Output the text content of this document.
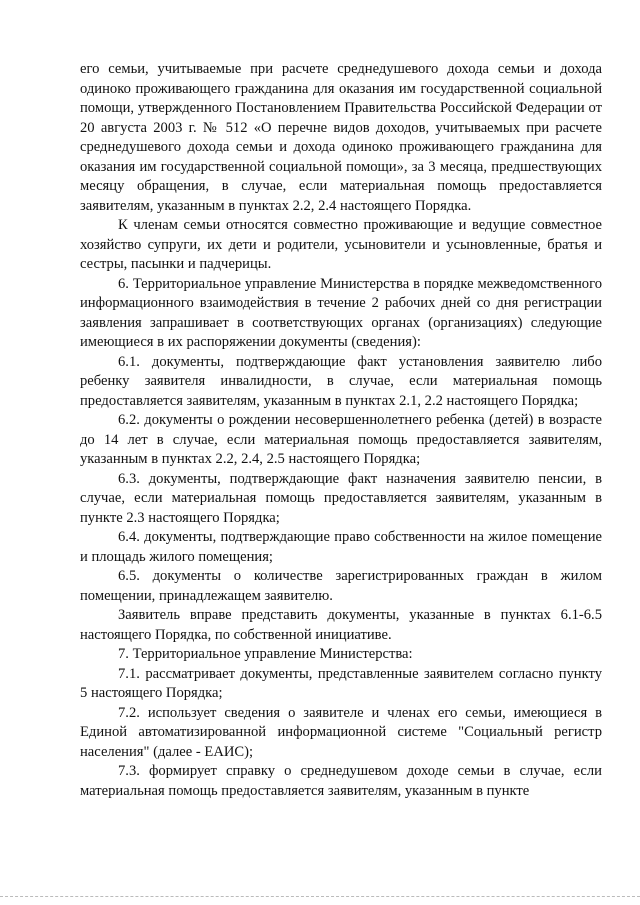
его семьи, учитываемые при расчете среднедушевого дохода семьи и дохода одиноко проживающего гражданина для оказания им государственной социальной помощи, утвержденного Постановлением Правительства Российской Федерации от 20 августа 2003 г. № 512 «О перечне видов доходов, учитываемых при расчете среднедушевого дохода семьи и дохода одиноко проживающего гражданина для оказания им государственной социальной помощи», за 3 месяца, предшествующих месяцу обращения, в случае, если материальная помощь предоставляется заявителям, указанным в пунктах 2.2, 2.4 настоящего Порядка.

К членам семьи относятся совместно проживающие и ведущие совместное хозяйство супруги, их дети и родители, усыновители и усыновленные, братья и сестры, пасынки и падчерицы.

6. Территориальное управление Министерства в порядке межведомственного информационного взаимодействия в течение 2 рабочих дней со дня регистрации заявления запрашивает в соответствующих органах (организациях) следующие имеющиеся в их распоряжении документы (сведения):

6.1. документы, подтверждающие факт установления заявителю либо ребенку заявителя инвалидности, в случае, если материальная помощь предоставляется заявителям, указанным в пунктах 2.1, 2.2 настоящего Порядка;

6.2. документы о рождении несовершеннолетнего ребенка (детей) в возрасте до 14 лет в случае, если материальная помощь предоставляется заявителям, указанным в пунктах 2.2, 2.4, 2.5 настоящего Порядка;

6.3. документы, подтверждающие факт назначения заявителю пенсии, в случае, если материальная помощь предоставляется заявителям, указанным в пункте 2.3 настоящего Порядка;

6.4. документы, подтверждающие право собственности на жилое помещение и площадь жилого помещения;

6.5. документы о количестве зарегистрированных граждан в жилом помещении, принадлежащем заявителю.

Заявитель вправе представить документы, указанные в пунктах 6.1-6.5 настоящего Порядка, по собственной инициативе.

7. Территориальное управление Министерства:

7.1. рассматривает документы, представленные заявителем согласно пункту 5 настоящего Порядка;

7.2. использует сведения о заявителе и членах его семьи, имеющиеся в Единой автоматизированной информационной системе "Социальный регистр населения" (далее - ЕАИС);

7.3. формирует справку о среднедушевом доходе семьи в случае, если материальная помощь предоставляется заявителям, указанным в пункте
